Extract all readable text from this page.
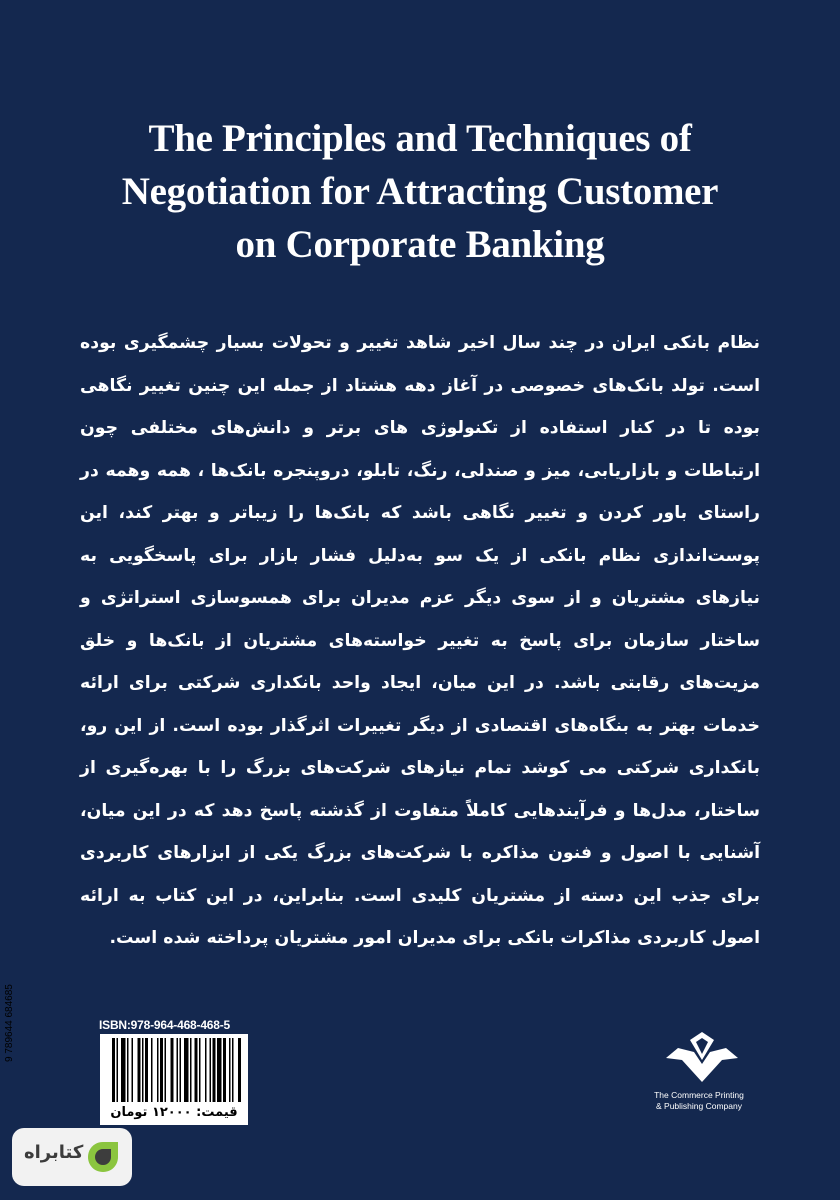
The Principles and Techniques of
Negotiation for Attracting Customer
on Corporate Banking
نظام بانکی ایران در چند سال اخیر شاهد تغییر و تحولات بسیار چشمگیری بوده است. تولد بانک‌های خصوصی در آغاز دهه هشتاد از جمله این چنین تغییر نگاهی بوده تا در کنار استفاده از تکنولوژی های برتر و دانش‌های مختلفی چون ارتباطات و بازاریابی، میز و صندلی، رنگ، تابلو، دروپنجره بانک‌ها ، همه وهمه در راستای باور کردن و تغییر نگاهی باشد که بانک‌ها را زیباتر و بهتر کند، این پوست‌اندازی نظام بانکی از یک سو به‌دلیل فشار بازار برای پاسخگویی به نیازهای مشتریان و از سوی دیگر عزم مدیران برای همسوسازی استراتژی و ساختار سازمان برای پاسخ به تغییر خواسته‌های مشتریان از بانک‌ها و خلق مزیت‌های رقابتی باشد. در این میان، ایجاد واحد بانکداری شرکتی برای ارائه خدمات بهتر به بنگاه‌های اقتصادی از دیگر تغییرات اثرگذار بوده است. از این رو، بانکداری شرکتی می کوشد تمام نیازهای شرکت‌های بزرگ را با بهره‌گیری از ساختار، مدل‌ها و فرآیندهایی کاملاً متفاوت از گذشته پاسخ دهد که در این میان، آشنایی با اصول و فنون مذاکره با شرکت‌های بزرگ یکی از ابزارهای کاربردی برای جذب این دسته از مشتریان کلیدی است. بنابراین، در این کتاب به ارائه اصول کاربردی مذاکرات بانکی برای مدیران امور مشتریان پرداخته شده است.
ISBN:978-964-468-468-5
9 789644 684685
قیمت: ۱۲۰۰۰ تومان
The Commerce Printing
& Publishing Company
کتابراه
